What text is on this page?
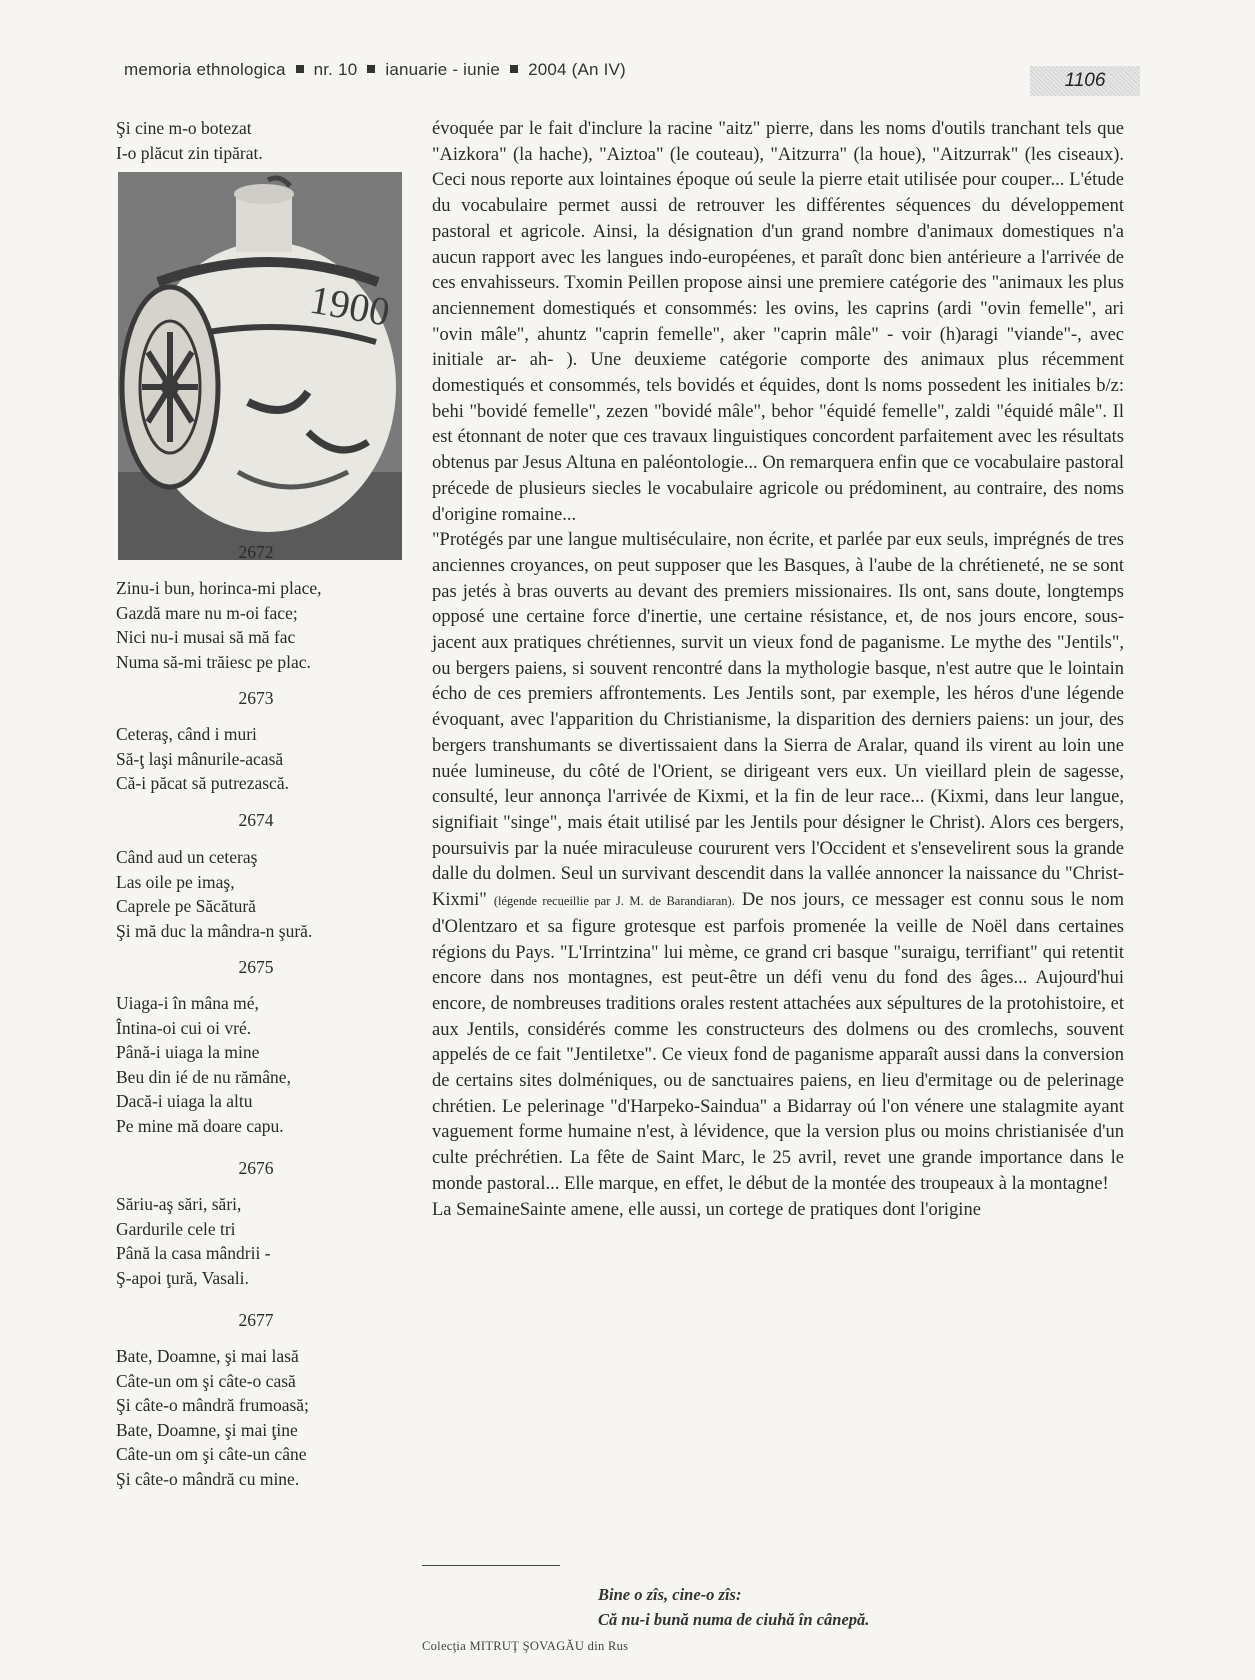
memoria ethnologica nr. 10 ianuarie - iunie 2004 (An IV)
1106
Şi cine m-o botezat
I-o plăcut zin tipărat.
1900
2672
Zinu-i bun, horinca-mi place,
Gazdă mare nu m-oi face;
Nici nu-i musai să mă fac
Numa să-mi trăiesc pe plac.
2673
Ceteraş, când i muri
Să-ţ laşi mânurile-acasă
Că-i păcat să putrezască.
2674
Când aud un ceteraş
Las oile pe imaş,
Caprele pe Săcătură
Şi mă duc la mândra-n şură.
2675
Uiaga-i în mâna mé,
Întina-oi cui oi vré.
Până-i uiaga la mine
Beu din ié de nu rămâne,
Dacă-i uiaga la altu
Pe mine mă doare capu.
2676
Săriu-aş sări, sări,
Gardurile cele tri
Până la casa mândrii -
Ş-apoi ţură, Vasali.
2677
Bate, Doamne, şi mai lasă
Câte-un om şi câte-o casă
Şi câte-o mândră frumoasă;
Bate, Doamne, şi mai ţine
Câte-un om şi câte-un câne
Şi câte-o mândră cu mine.

évoquée par le fait d'inclure la racine "aitz" pierre, dans les noms d'outils tranchant tels que "Aizkora" (la hache), "Aiztoa" (le couteau), "Aitzurra" (la houe), "Aitzurrak" (les ciseaux). Ceci nous reporte aux lointaines époque oú seule la pierre etait utilisée pour couper... L'étude du vocabulaire permet aussi de retrouver les différentes séquences du développement pastoral et agricole. Ainsi, la désignation d'un grand nombre d'animaux domestiques n'a aucun rapport avec les langues indo-européenes, et paraît donc bien antérieure a l'arrivée de ces envahisseurs. Txomin Peillen propose ainsi une premiere catégorie des "animaux les plus anciennement domestiqués et consommés: les ovins, les caprins (ardi "ovin femelle", ari "ovin mâle", ahuntz "caprin femelle", aker "caprin mâle" - voir (h)aragi "viande"-, avec initiale ar- ah- ). Une deuxieme catégorie comporte des animaux plus récemment domestiqués et consommés, tels bovidés et équides, dont ls noms possedent les initiales b/z: behi "bovidé femelle", zezen "bovidé mâle", behor "équidé femelle", zaldi "équidé mâle". Il est étonnant de noter que ces travaux linguistiques concordent parfaitement avec les résultats obtenus par Jesus Altuna en paléontologie... On remarquera enfin que ce vocabulaire pastoral précede de plusieurs siecles le vocabulaire agricole ou prédominent, au contraire, des noms d'origine romaine...

"Protégés par une langue multiséculaire, non écrite, et parlée par eux seuls, imprégnés de tres anciennes croyances, on peut supposer que les Basques, à l'aube de la chrétieneté, ne se sont pas jetés à bras ouverts au devant des premiers missionaires. Ils ont, sans doute, longtemps opposé une certaine force d'inertie, une certaine résistance, et, de nos jours encore, sous-jacent aux pratiques chrétiennes, survit un vieux fond de paganisme. Le mythe des "Jentils", ou bergers paiens, si souvent rencontré dans la mythologie basque, n'est autre que le lointain écho de ces premiers affrontements. Les Jentils sont, par exemple, les héros d'une légende évoquant, avec l'apparition du Christianisme, la disparition des derniers paiens: un jour, des bergers transhumants se divertissaient dans la Sierra de Aralar, quand ils virent au loin une nuée lumineuse, du côté de l'Orient, se dirigeant vers eux. Un vieillard plein de sagesse, consulté, leur annonça l'arrivée de Kixmi, et la fin de leur race... (Kixmi, dans leur langue, signifiait "singe", mais était utilisé par les Jentils pour désigner le Christ). Alors ces bergers, poursuivis par la nuée miraculeuse coururent vers l'Occident et s'ensevelirent sous la grande dalle du dolmen. Seul un survivant descendit dans la vallée annoncer la naissance du "Christ-Kixmi" (légende recueillie par J. M. de Barandiaran). De nos jours, ce messager est connu sous le nom d'Olentzaro et sa figure grotesque est parfois promenée la veille de Noël dans certaines régions du Pays. "L'Irrintzina" lui mème, ce grand cri basque "suraigu, terrifiant" qui retentit encore dans nos montagnes, est peut-être un défi venu du fond des âges... Aujourd'hui encore, de nombreuses traditions orales restent attachées aux sépultures de la protohistoire, et aux Jentils, considérés comme les constructeurs des dolmens ou des cromlechs, souvent appelés de ce fait "Jentiletxe". Ce vieux fond de paganisme apparaît aussi dans la conversion de certains sites dolméniques, ou de sanctuaires paiens, en lieu d'ermitage ou de pelerinage chrétien. Le pelerinage "d'Harpeko-Saindua" a Bidarray oú l'on vénere une stalagmite ayant vaguement forme humaine n'est, à lévidence, que la version plus ou moins christianisée d'un culte préchrétien. La fête de Saint Marc, le 25 avril, revet une grande importance dans le monde pastoral... Elle marque, en effet, le début de la montée des troupeaux à la montagne!

La SemaineSainte amene, elle aussi, un cortege de pratiques dont l'origine

Bine o zîs, cine-o zîs:
Că nu-i bună numa de ciuhă în cânepă.
Colecţia MITRUŢ ŞOVAGĂU din Rus
